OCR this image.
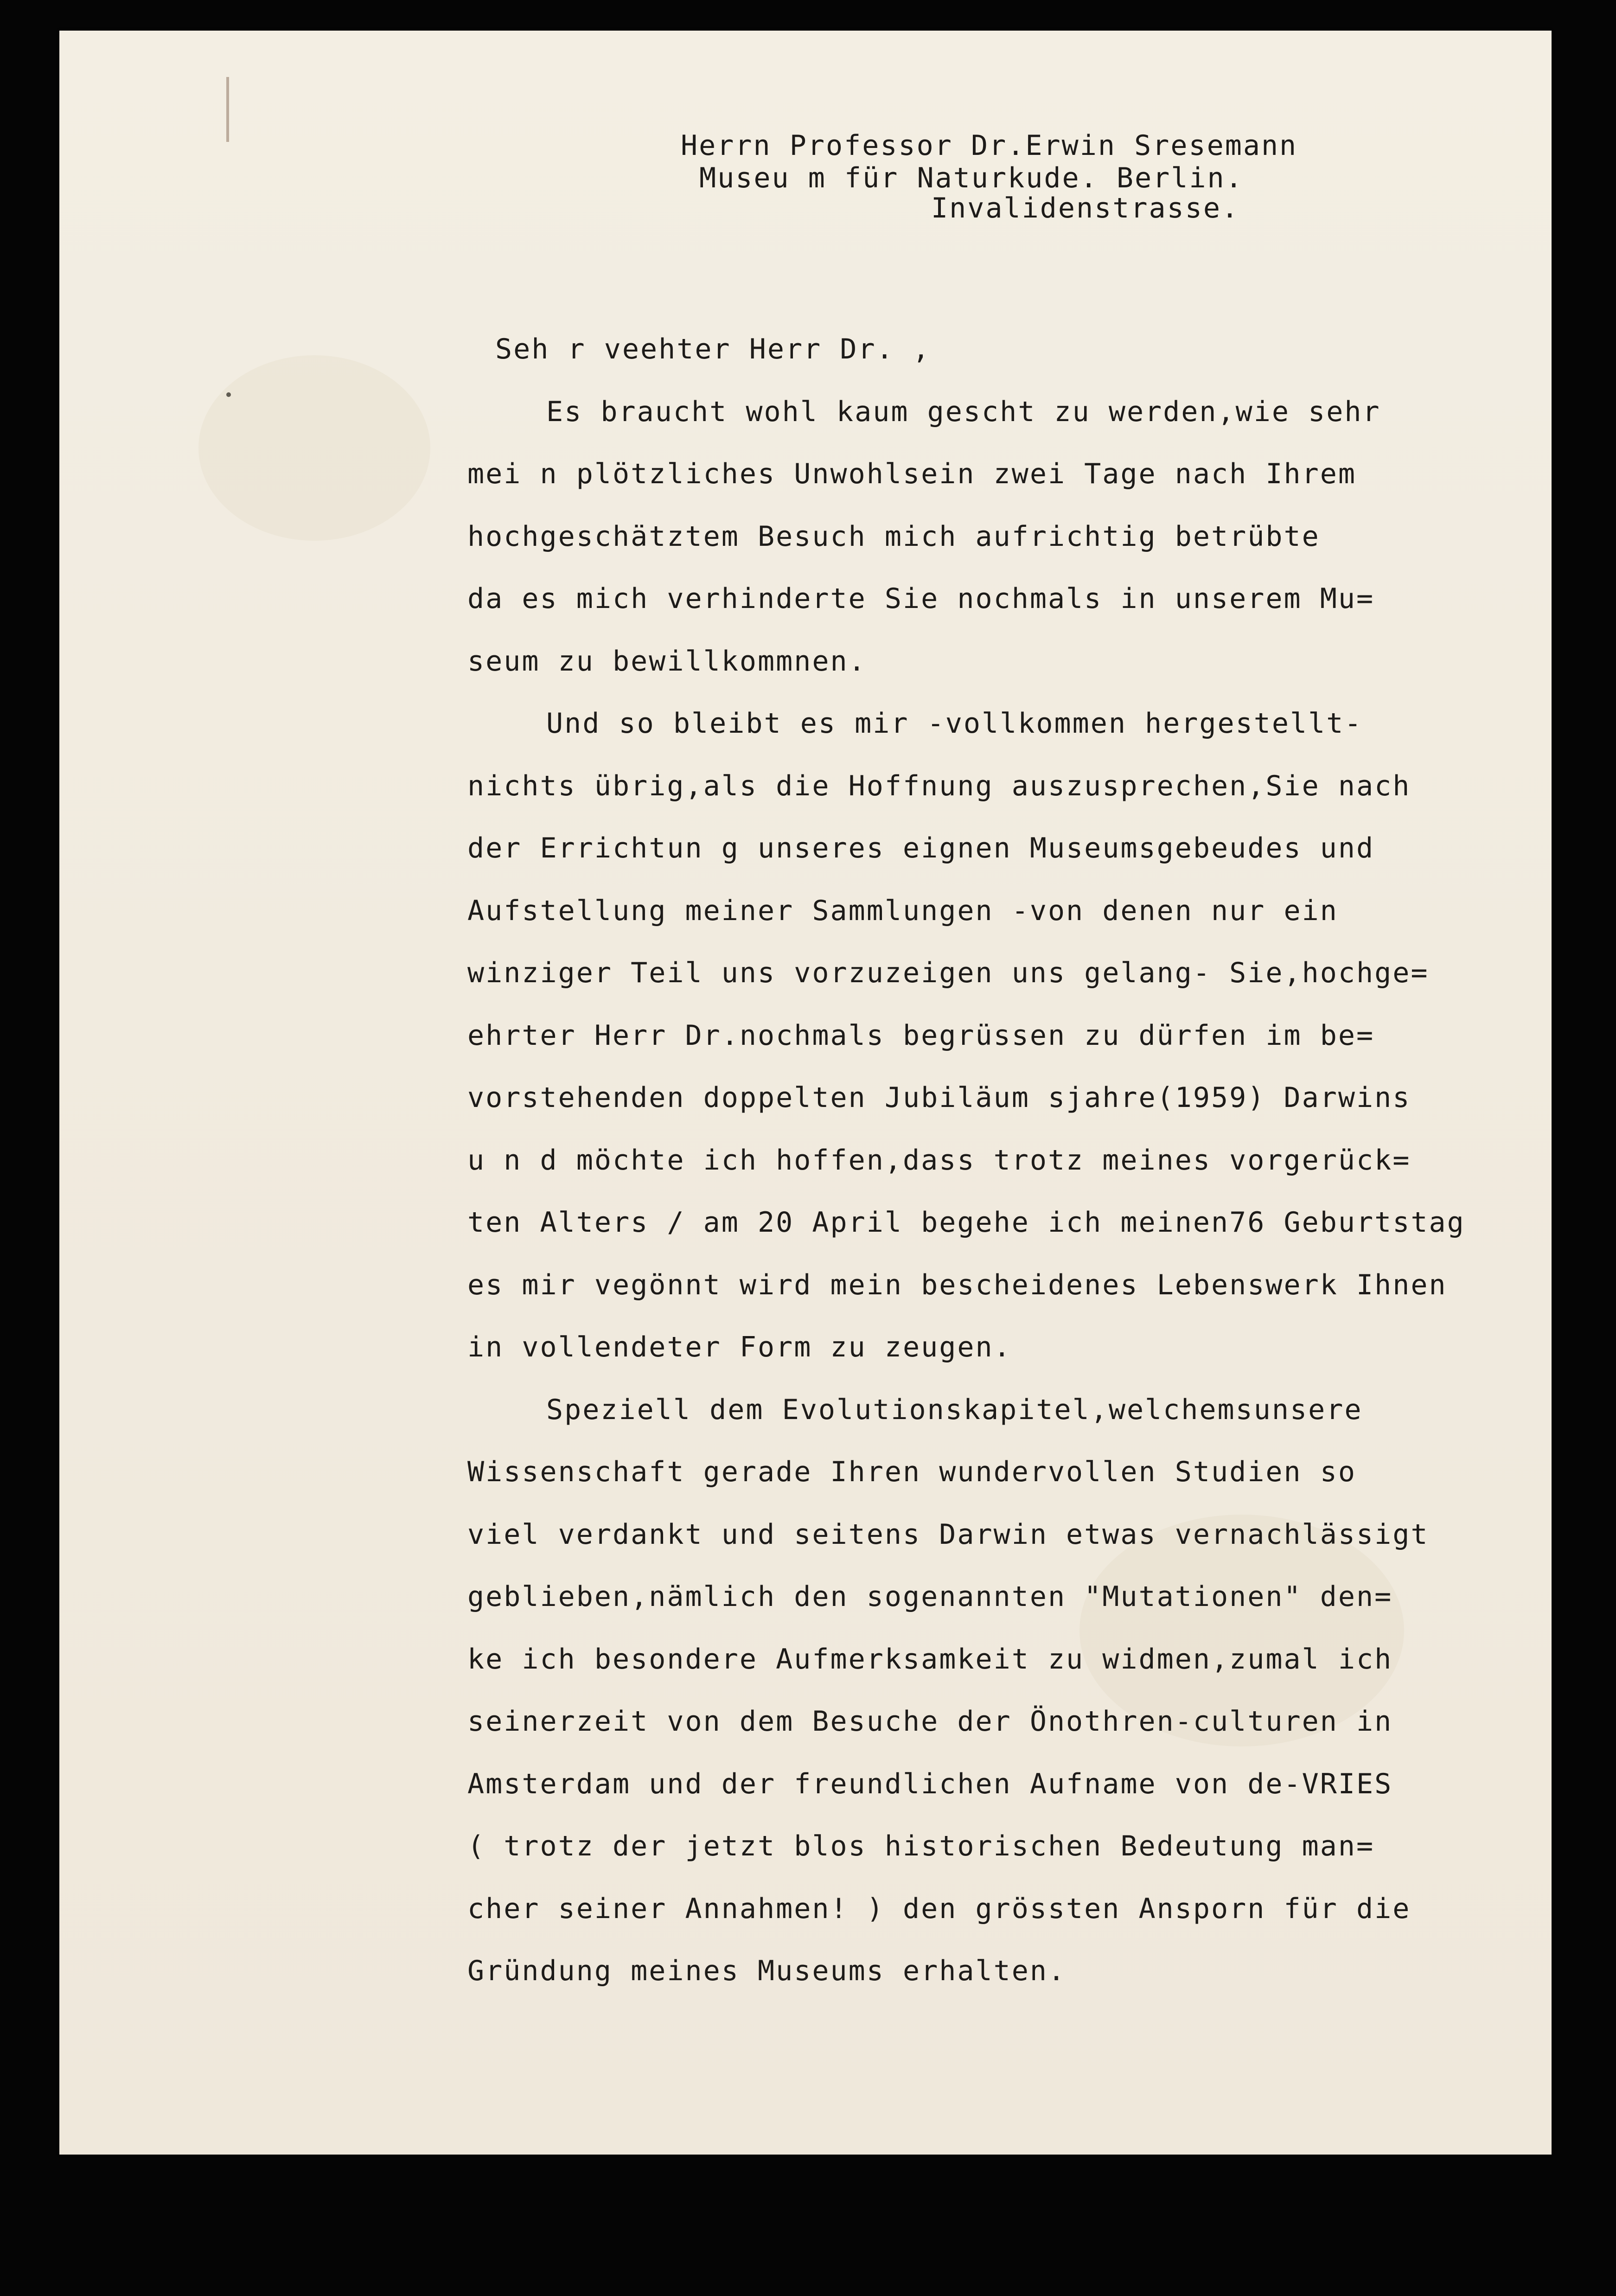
Herrn Professor Dr.Erwin Sresemann
Museu m für Naturkude. Berlin.
Invalidenstrasse.
Seh r veehter Herr Dr. ,
Es braucht wohl kaum gescht zu werden,wie sehr
mei n plötzliches Unwohlsein zwei Tage nach Ihrem
hochgeschätztem Besuch mich aufrichtig betrübte
da es mich verhinderte Sie nochmals in unserem Mu=
seum zu bewillkommnen.
Und so bleibt es mir -vollkommen hergestellt-
nichts übrig,als die Hoffnung auszusprechen,Sie nach
der Errichtun g unseres eignen Museumsgebeudes und
Aufstellung meiner Sammlungen -von denen nur ein
winziger Teil uns vorzuzeigen uns gelang- Sie,hochge=
ehrter Herr Dr.nochmals begrüssen zu dürfen im be=
vorstehenden doppelten Jubiläum sjahre(1959) Darwins
u n d möchte ich hoffen,dass trotz meines vorgerück=
ten Alters / am 20 April begehe ich meinen76 Geburtstag
es mir vegönnt wird mein bescheidenes Lebenswerk Ihnen
in vollendeter Form zu zeugen.
Speziell dem Evolutionskapitel,welchemsunsere
Wissenschaft gerade Ihren wundervollen Studien so
viel verdankt und seitens Darwin etwas vernachlässigt
geblieben,nämlich den sogenannten "Mutationen" den=
ke ich besondere Aufmerksamkeit zu widmen,zumal ich
seinerzeit von dem Besuche der Önothren-culturen in
Amsterdam und der freundlichen Aufname von de-VRIES
( trotz der jetzt blos historischen Bedeutung man=
cher seiner Annahmen! ) den grössten Ansporn für die
Gründung meines Museums erhalten.
